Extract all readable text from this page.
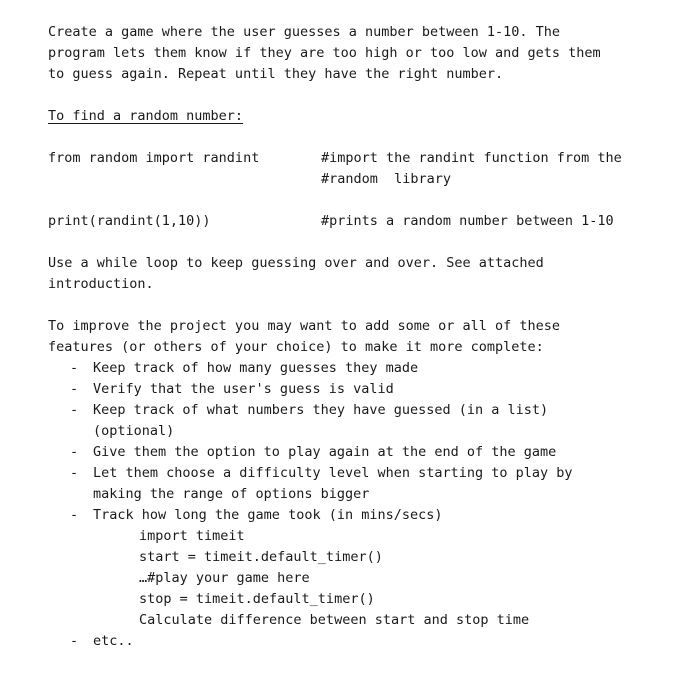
Create a game where the user guesses a number between 1-10. The
program lets them know if they are too high or too low and gets them
to guess again. Repeat until they have the right number.
To find a random number:
from random import randint	#import the randint function from the
#random  library
print(randint(1,10))	#prints a random number between 1-10
Use a while loop to keep guessing over and over. See attached
introduction.
To improve the project you may want to add some or all of these
features (or others of your choice) to make it more complete:
- Keep track of how many guesses they made
- Verify that the user's guess is valid
- Keep track of what numbers they have guessed (in a list)
(optional)
- Give them the option to play again at the end of the game
- Let them choose a difficulty level when starting to play by
making the range of options bigger
- Track how long the game took (in mins/secs)
import timeit
start = timeit.default_timer()
…#play your game here
stop = timeit.default_timer()
Calculate difference between start and stop time
- etc..
